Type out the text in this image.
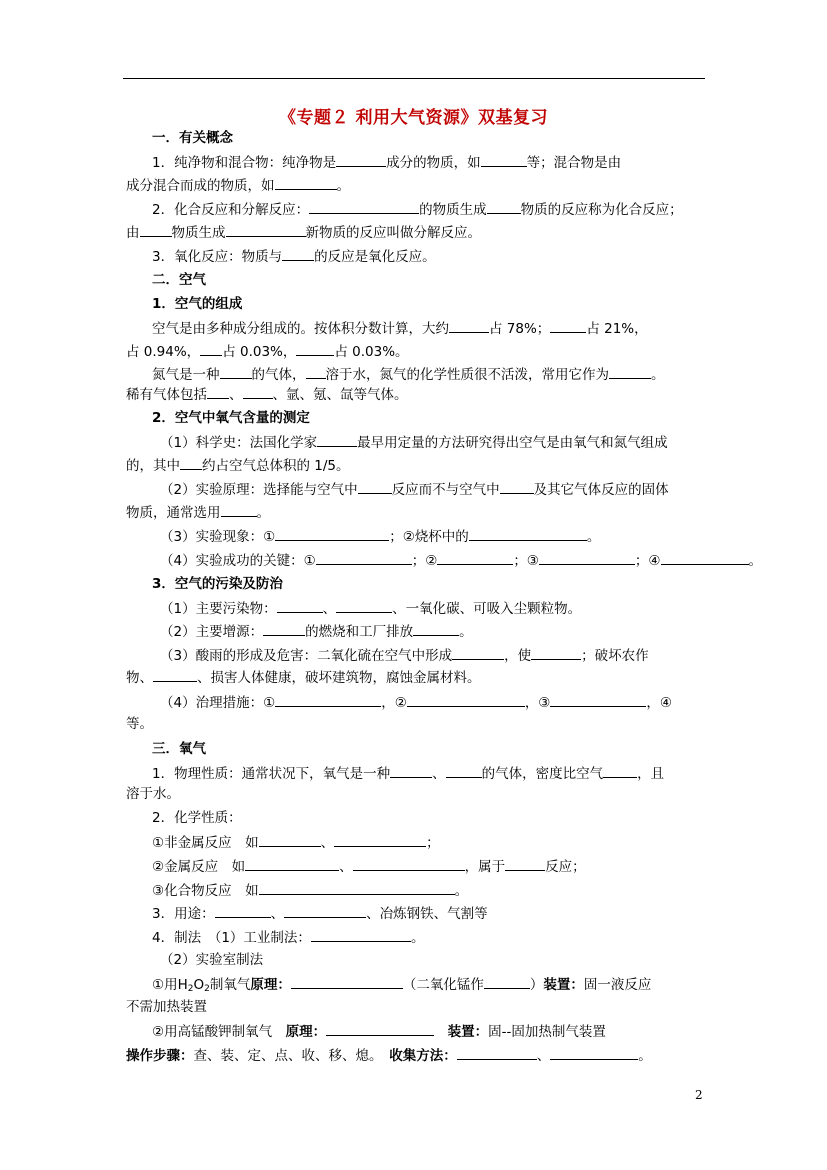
《专题２ 利用大气资源》双基复习
一．有关概念
1．纯净物和混合物：纯净物是	成分的物质，如	等；混合物是由
成分混合而成的物质，如	。
2．化合反应和分解反应：	的物质生成	物质的反应称为化合反应；
由 物质生成	新物质的反应叫做分解反应。
3．氧化反应：物质与 的反应是氧化反应。
二．空气
1．空气的组成
空气是由多种成分组成的。按体积分数计算，大约	占 78%；	占 21%，
占 0.94%， 占 0.03%，	占 0.03%。
氮气是一种 的气体， 溶于水，氮气的化学性质很不活泼，常用它作为	。
稀有气体包括 、 、氩、氪、氙等气体。
2．空气中氧气含量的测定
（1）科学史：法国化学家	最早用定量的方法研究得出空气是由氧气和氮气组成
的，其中 约占空气总体积的 1/5。
（2）实验原理：选择能与空气中	反应而不与空气中	及其它气体反应的固体
物质，通常选用	。
（3）实验现象：①	；②烧杯中的	。
（4）实验成功的关键：①	；②	；③	；④	。
3．空气的污染及防治
（1）主要污染物：	、	、一氧化碳、可吸入尘颗粒物。
（2）主要增源：	的燃烧和工厂排放	。
（3）酸雨的形成及危害：二氧化硫在空气中形成	，使	；破坏农作
物、	、损害人体健康，破坏建筑物，腐蚀金属材料。
（4）治理措施：①	，②	，③	，④
等。
三．氧气
1．物理性质：通常状况下，氧气是一种	、	的气体，密度比空气	，且
溶于水。
2．化学性质：
①非金属反应　如	、	；
②金属反应　如	、	，属于	反应；
③化合物反应　如	。
3．用途：	、	、冶炼钢铁、气割等
4．制法　（1）工业制法：	。
（2）实验室制法
不需加热装置
②用高锰酸钾制氧气　原理：　	装置：固--固加热制气装置
操作步骤：查、装、定、点、收、移、熄。　收集方法：	、	。
①用$H_2O_2$制氧气原理：	（二氧化锰作	）装置：固一液反应
2
